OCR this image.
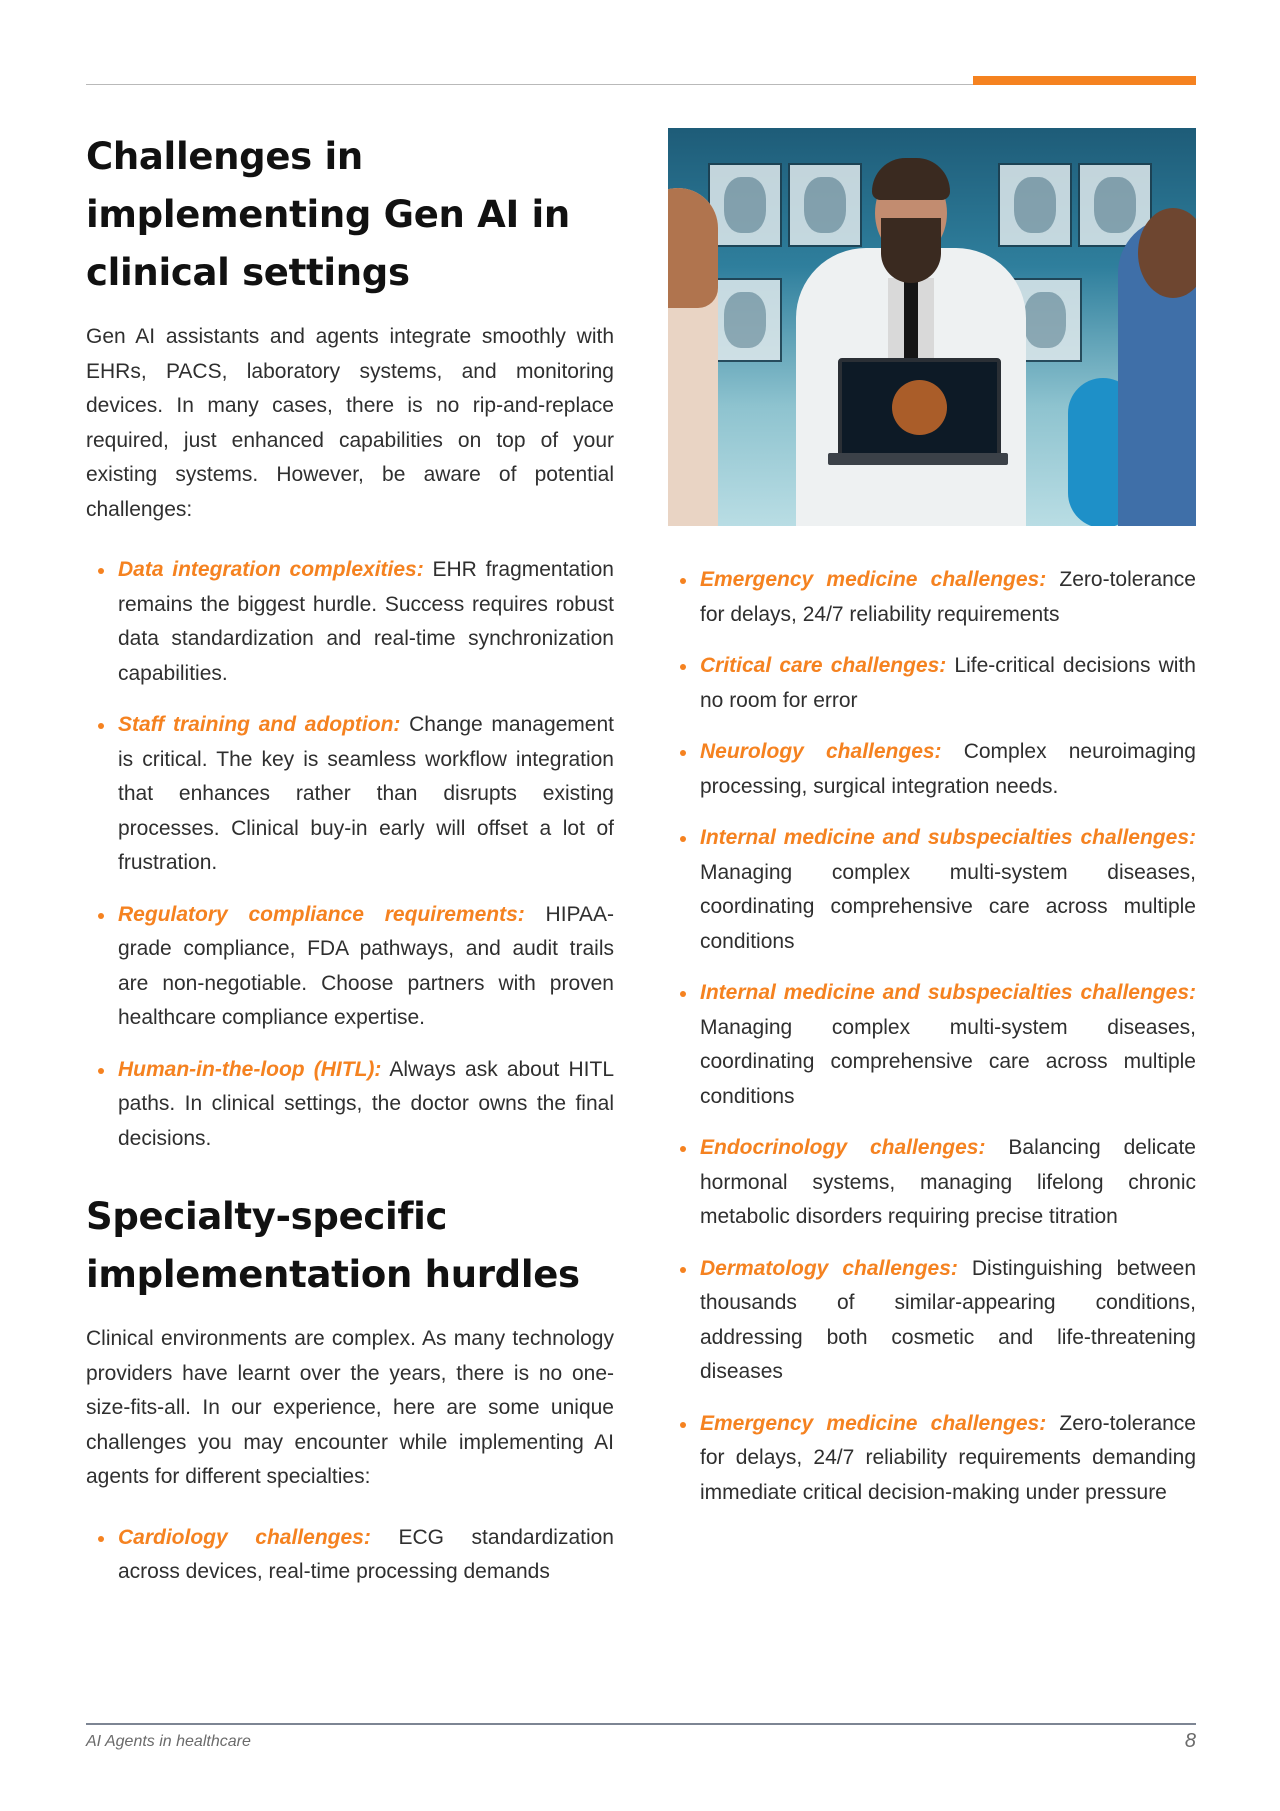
Challenges in implementing Gen AI in clinical settings

Gen AI assistants and agents integrate smoothly with EHRs, PACS, laboratory systems, and monitoring devices. In many cases, there is no rip-and-replace required, just enhanced capabilities on top of your existing systems. However, be aware of potential challenges:

Data integration complexities: EHR fragmentation remains the biggest hurdle. Success requires robust data standardization and real-time synchronization capabilities.
Staff training and adoption: Change management is critical. The key is seamless workflow integration that enhances rather than disrupts existing processes. Clinical buy-in early will offset a lot of frustration.
Regulatory compliance requirements: HIPAA-grade compliance, FDA pathways, and audit trails are non-negotiable. Choose partners with proven healthcare compliance expertise.
Human-in-the-loop (HITL): Always ask about HITL paths. In clinical settings, the doctor owns the final decisions.
Specialty-specific implementation hurdles

Clinical environments are complex. As many technology providers have learnt over the years, there is no one-size-fits-all. In our experience, here are some unique challenges you may encounter while implementing AI agents for different specialties:

Cardiology challenges: ECG standardization across devices, real-time processing demands
Emergency medicine challenges: Zero-tolerance for delays, 24/7 reliability requirements
Critical care challenges: Life-critical decisions with no room for error
Neurology challenges: Complex neuroimaging processing, surgical integration needs.
Internal medicine and subspecialties challenges: Managing complex multi-system diseases, coordinating comprehensive care across multiple conditions
Internal medicine and subspecialties challenges: Managing complex multi-system diseases, coordinating comprehensive care across multiple conditions
Endocrinology challenges: Balancing delicate hormonal systems, managing lifelong chronic metabolic disorders requiring precise titration
Dermatology challenges: Distinguishing between thousands of similar-appearing conditions, addressing both cosmetic and life-threatening diseases
Emergency medicine challenges: Zero-tolerance for delays, 24/7 reliability requirements demanding immediate critical decision-making under pressure
AI Agents in healthcare	8
